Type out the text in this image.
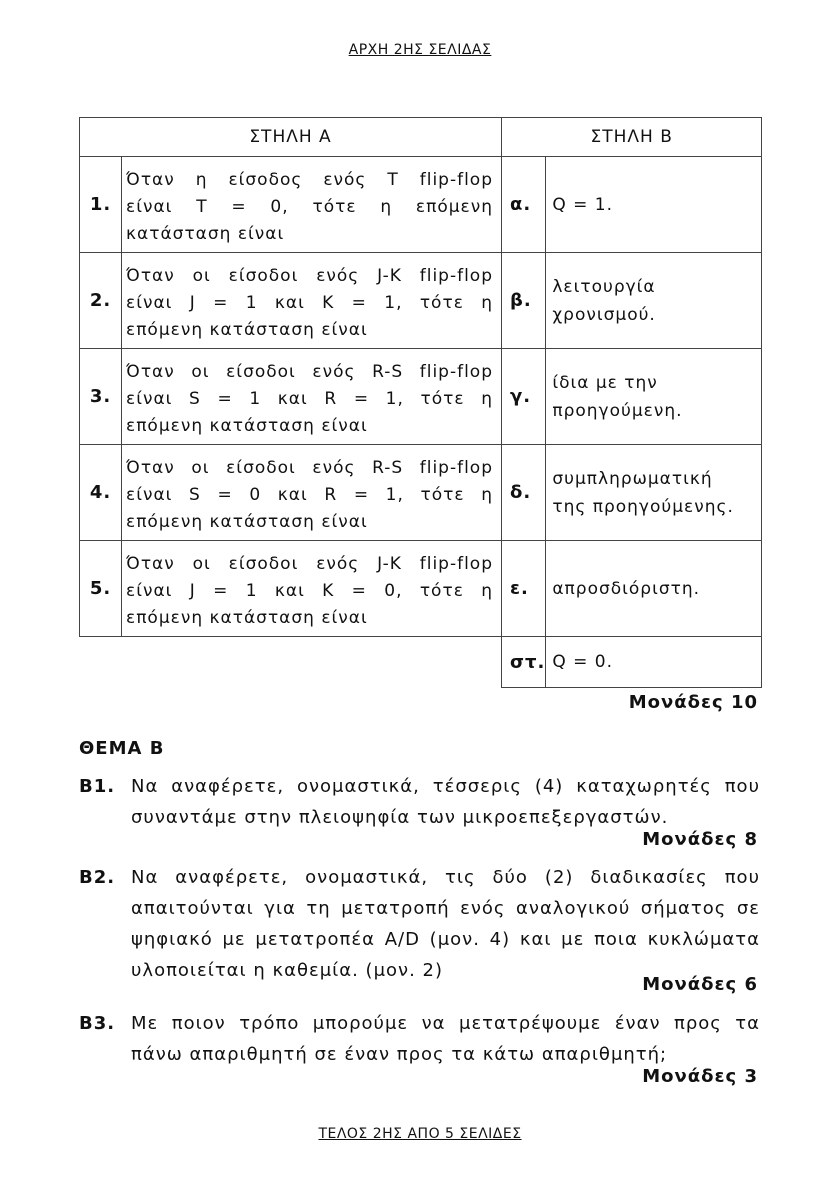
ΑΡΧΗ 2ΗΣ ΣΕΛΙΔΑΣ
ΣΤΗΛΗ Α		ΣΤΗΛΗ Β	
1.	Όταν η είσοδος ενός T flip-flop
είναι T = 0, τότε η επόμενη
κατάσταση είναι	α.	Q = 1.
2.	Όταν οι είσοδοι ενός J-K flip-flop
είναι J = 1 και K = 1, τότε η
επόμενη κατάσταση είναι	β.	λειτουργία
χρονισμού.
3.	Όταν οι είσοδοι ενός R-S flip-flop
είναι S = 1 και R = 1, τότε η
επόμενη κατάσταση είναι	γ.	ίδια με την
προηγούμενη.
4.	Όταν οι είσοδοι ενός R-S flip-flop
είναι S = 0 και R = 1, τότε η
επόμενη κατάσταση είναι	δ.	συμπληρωματική
της προηγούμενης.
5.	Όταν οι είσοδοι ενός J-K flip-flop
είναι J = 1 και K = 0, τότε η
επόμενη κατάσταση είναι	ε.	απροσδιόριστη.
		στ.	Q = 0.
Μονάδες 10
ΘΕΜΑ Β
Β1. Να αναφέρετε, ονομαστικά, τέσσερις (4) καταχωρητές που
συναντάμε στην πλειοψηφία των μικροεπεξεργαστών.
Μονάδες 8
Β2. Να αναφέρετε, ονομαστικά, τις δύο (2) διαδικασίες που
απαιτούνται για τη μετατροπή ενός αναλογικού σήματος σε
ψηφιακό με μετατροπέα A/D (μον. 4) και με ποια κυκλώματα
υλοποιείται η καθεμία. (μον. 2)
Μονάδες 6
Β3. Με ποιον τρόπο μπορούμε να μετατρέψουμε έναν προς τα
πάνω απαριθμητή σε έναν προς τα κάτω απαριθμητή;
Μονάδες 3
ΤΕΛΟΣ 2ΗΣ ΑΠΟ 5 ΣΕΛΙΔΕΣ
